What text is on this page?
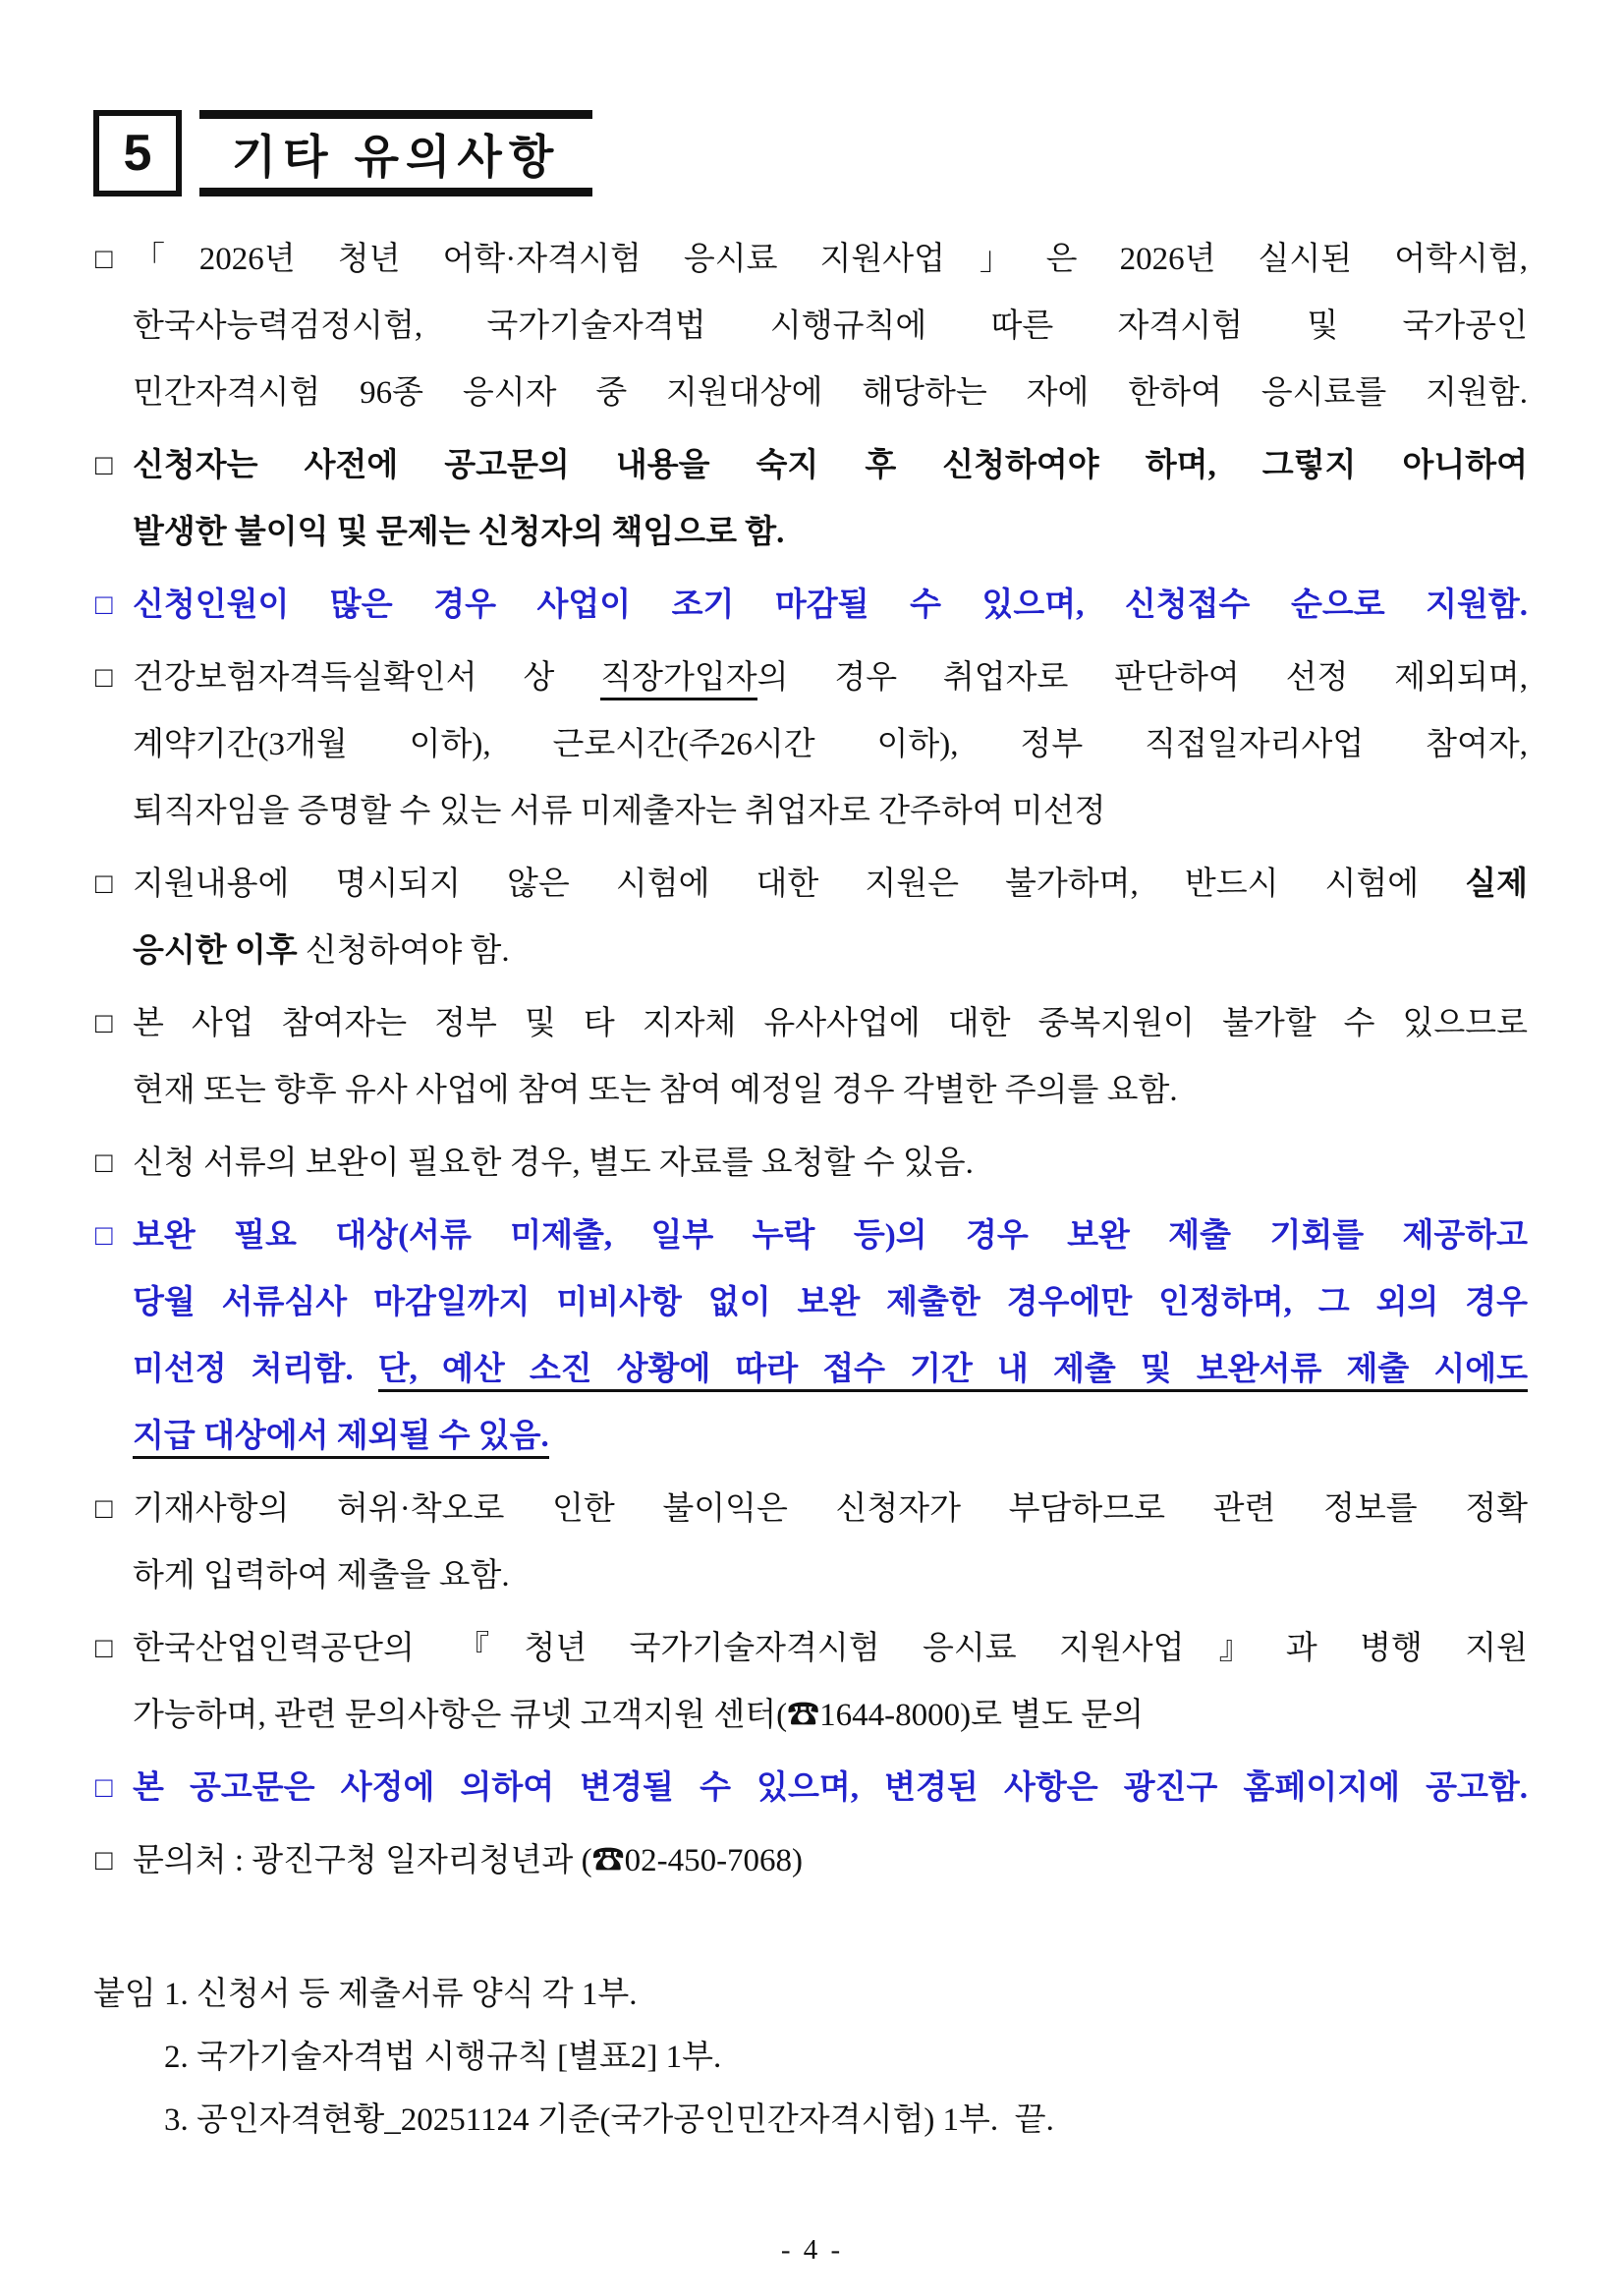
5 기타 유의사항
□ 「2026년 청년 어학·자격시험 응시료 지원사업」은 2026년 실시된 어학시험,
한국사능력검정시험, 국가기술자격법 시행규칙에 따른 자격시험 및 국가공인
민간자격시험 96종 응시자 중 지원대상에 해당하는 자에 한하여 응시료를 지원함.
□ 신청자는 사전에 공고문의 내용을 숙지 후 신청하여야 하며, 그렇지 아니하여
발생한 불이익 및 문제는 신청자의 책임으로 함.
□ 신청인원이 많은 경우 사업이 조기 마감될 수 있으며, 신청접수 순으로 지원함.
□ 건강보험자격득실확인서 상 직장가입자의 경우 취업자로 판단하여 선정 제외되며,
계약기간(3개월 이하), 근로시간(주26시간 이하), 정부 직접일자리사업 참여자,
퇴직자임을 증명할 수 있는 서류 미제출자는 취업자로 간주하여 미선정
□ 지원내용에 명시되지 않은 시험에 대한 지원은 불가하며, 반드시 시험에 실제
응시한 이후 신청하여야 함.
□ 본 사업 참여자는 정부 및 타 지자체 유사사업에 대한 중복지원이 불가할 수 있으므로
현재 또는 향후 유사 사업에 참여 또는 참여 예정일 경우 각별한 주의를 요함.
□ 신청 서류의 보완이 필요한 경우, 별도 자료를 요청할 수 있음.
□ 보완 필요 대상(서류 미제출, 일부 누락 등)의 경우 보완 제출 기회를 제공하고
당월 서류심사 마감일까지 미비사항 없이 보완 제출한 경우에만 인정하며, 그 외의 경우
미선정 처리함. 단, 예산 소진 상황에 따라 접수 기간 내 제출 및 보완서류 제출 시에도
지급 대상에서 제외될 수 있음.
□ 기재사항의 허위·착오로 인한 불이익은 신청자가 부담하므로 관련 정보를 정확
하게 입력하여 제출을 요함.
□ 한국산업인력공단의 『청년 국가기술자격시험 응시료 지원사업』과 병행 지원
가능하며, 관련 문의사항은 큐넷 고객지원 센터(☎1644-8000)로 별도 문의
□ 본 공고문은 사정에 의하여 변경될 수 있으며, 변경된 사항은 광진구 홈페이지에 공고함.
□ 문의처 : 광진구청 일자리청년과 (☎02-450-7068)
붙임 1. 신청서 등 제출서류 양식 각 1부.
2. 국가기술자격법 시행규칙 [별표2] 1부.
3. 공인자격현황_20251124 기준(국가공인민간자격시험) 1부.  끝.
- 4 -
